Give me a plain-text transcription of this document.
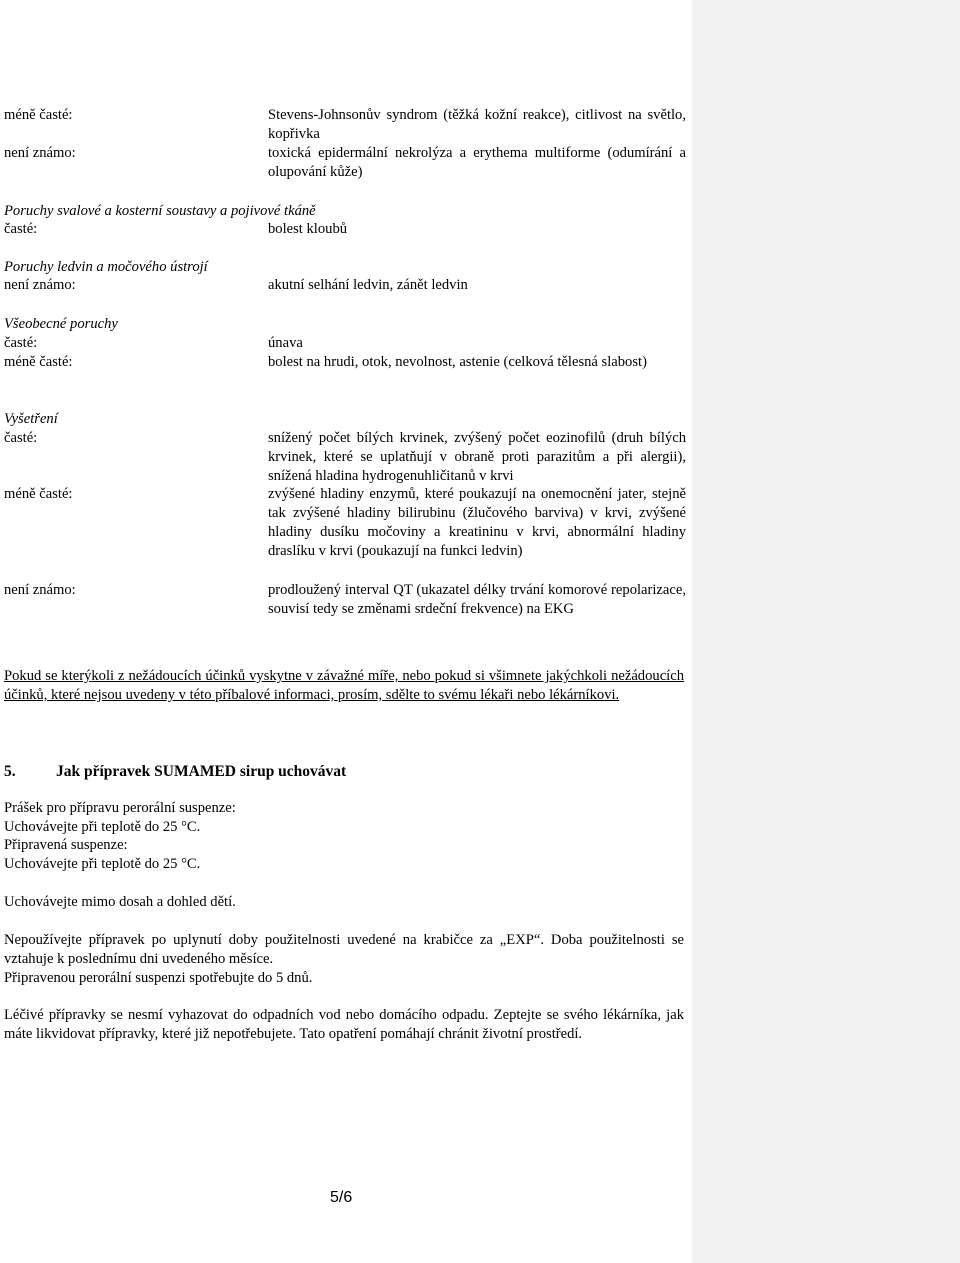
méně časté:	Stevens-Johnsonův syndrom (těžká kožní reakce), citlivost na světlo, kopřivka
není známo:	toxická epidermální nekrolýza a erythema multiforme (odumírání a olupování kůže)
Poruchy svalové a kosterní soustavy a pojivové tkáně
časté:	bolest kloubů
Poruchy ledvin a močového ústrojí
není známo:	akutní selhání ledvin, zánět ledvin
Všeobecné poruchy
časté:	únava
méně časté:	bolest na hrudi, otok, nevolnost, astenie (celková tělesná slabost)
Vyšetření
časté:	snížený počet bílých krvinek, zvýšený počet eozinofilů (druh bílých krvinek, které se uplatňují v obraně proti parazitům a při alergii), snížená hladina hydrogenuhličitanů v krvi
méně časté:	zvýšené hladiny enzymů, které poukazují na onemocnění jater, stejně tak zvýšené hladiny bilirubinu (žlučového barviva) v krvi, zvýšené hladiny dusíku močoviny a kreatininu v krvi, abnormální hladiny draslíku v krvi (poukazují na funkci ledvin)
není známo:	prodloužený interval QT (ukazatel délky trvání komorové repolarizace, souvisí tedy se změnami srdeční frekvence) na EKG
Pokud se kterýkoli z nežádoucích účinků vyskytne v závažné míře, nebo pokud si všimnete jakýchkoli nežádoucích účinků, které nejsou uvedeny v této příbalové informaci, prosím, sdělte to svému lékaři nebo lékárníkovi.
5.	Jak přípravek SUMAMED sirup uchovávat
Prášek pro přípravu perorální suspenze:
Uchovávejte při teplotě do 25 °C.
Připravená suspenze:
Uchovávejte při teplotě do 25 °C.
Uchovávejte mimo dosah a dohled dětí.
Nepoužívejte přípravek po uplynutí doby použitelnosti uvedené na krabičce za „EXP“. Doba použitelnosti se vztahuje k poslednímu dni uvedeného měsíce.
Připravenou perorální suspenzi spotřebujte do 5 dnů.
Léčivé přípravky se nesmí vyhazovat do odpadních vod nebo domácího odpadu. Zeptejte se svého lékárníka, jak máte likvidovat přípravky, které již nepotřebujete. Tato opatření pomáhají chránit životní prostředí.
5/6
